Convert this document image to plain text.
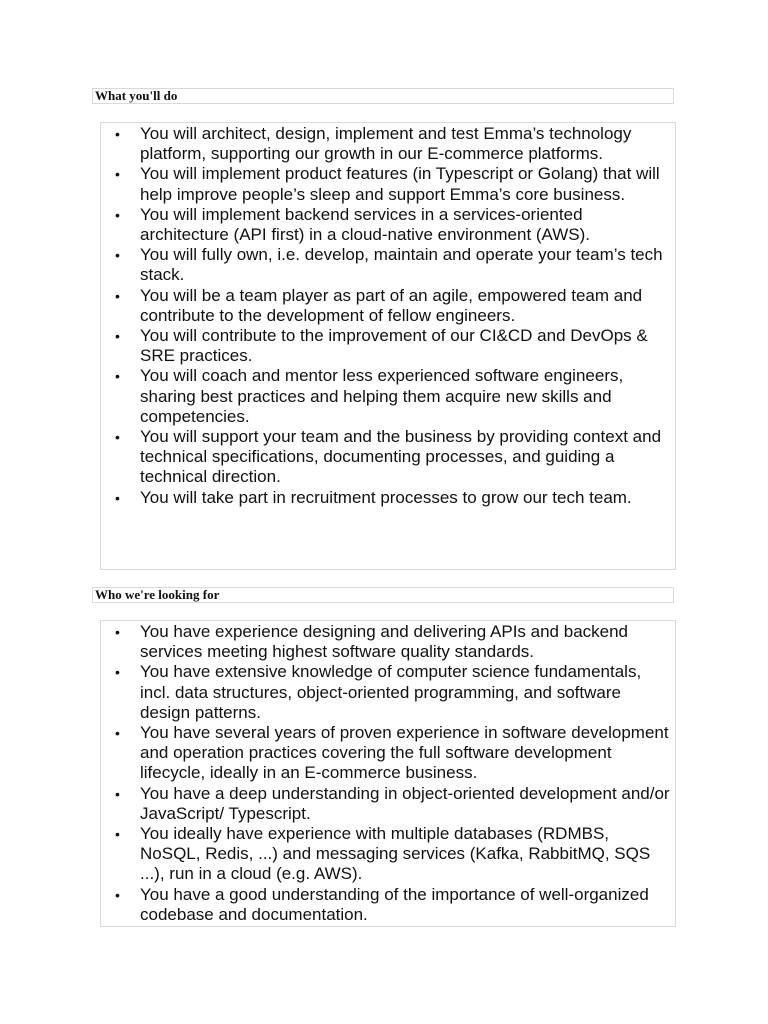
What you'll do
• You will architect, design, implement and test Emma’s technology platform, supporting our growth in our E-commerce platforms.
• You will implement product features (in Typescript or Golang) that will help improve people’s sleep and support Emma’s core business.
• You will implement backend services in a services-oriented architecture (API first) in a cloud-native environment (AWS).
• You will fully own, i.e. develop, maintain and operate your team’s tech stack.
• You will be a team player as part of an agile, empowered team and contribute to the development of fellow engineers.
• You will contribute to the improvement of our CI&CD and DevOps & SRE practices.
• You will coach and mentor less experienced software engineers, sharing best practices and helping them acquire new skills and competencies.
• You will support your team and the business by providing context and technical specifications, documenting processes, and guiding a technical direction.
• You will take part in recruitment processes to grow our tech team.
Who we're looking for
• You have experience designing and delivering APIs and backend services meeting highest software quality standards.
• You have extensive knowledge of computer science fundamentals, incl. data structures, object-oriented programming, and software design patterns.
• You have several years of proven experience in software development and operation practices covering the full software development lifecycle, ideally in an E-commerce business.
• You have a deep understanding in object-oriented development and/or JavaScript/ Typescript.
• You ideally have experience with multiple databases (RDMBS, NoSQL, Redis, ...) and messaging services (Kafka, RabbitMQ, SQS ...), run in a cloud (e.g. AWS).
• You have a good understanding of the importance of well-organized codebase and documentation.
